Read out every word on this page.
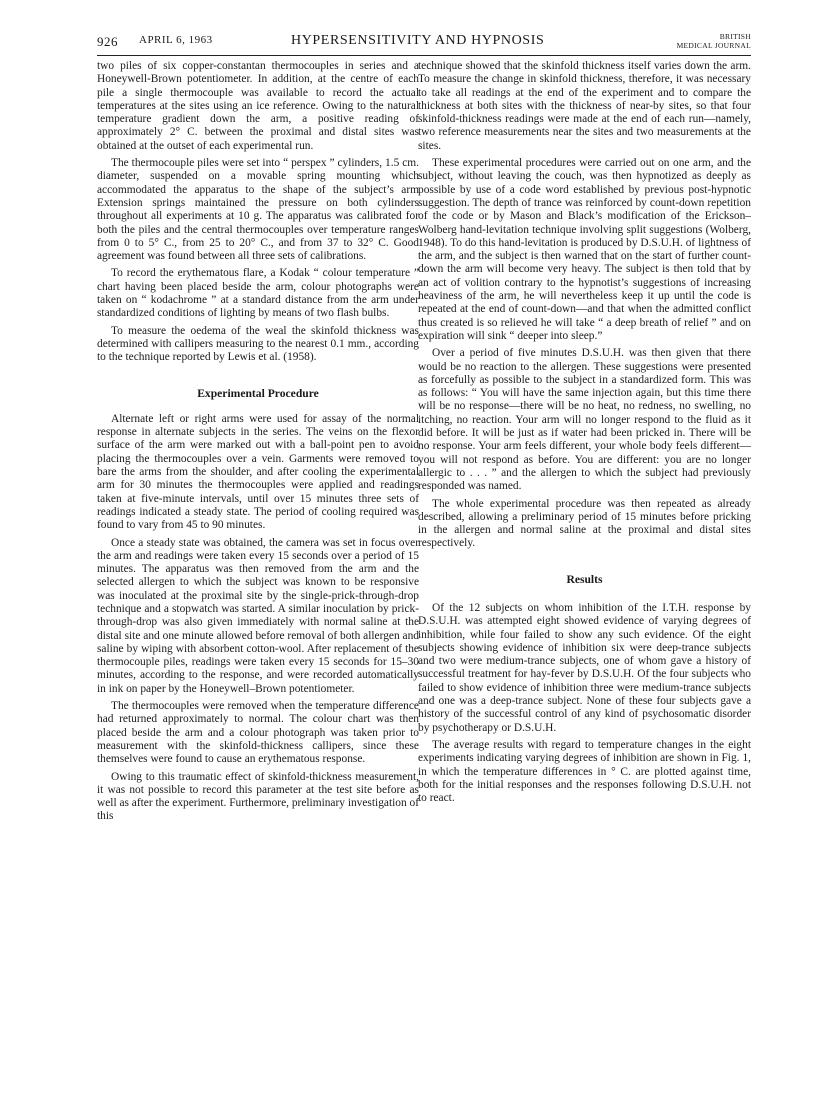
926 APRIL 6, 1963	HYPERSENSITIVITY AND HYPNOSIS	BRITISH
MEDICAL JOURNAL

two piles of six copper-constantan thermocouples in series and a Honeywell-Brown potentiometer. In addition, at the centre of each pile a single thermocouple was available to record the actual temperatures at the sites using an ice reference. Owing to the natural temperature gradient down the arm, a positive reading of approximately 2° C. between the proximal and distal sites was obtained at the outset of each experimental run.

The thermocouple piles were set into “ perspex ” cylinders, 1.5 cm. diameter, suspended on a movable spring mounting which accommodated the apparatus to the shape of the subject’s arm Extension springs maintained the pressure on both cylinders throughout all experiments at 10 g. The apparatus was calibrated for both the piles and the central thermocouples over temperature ranges from 0 to 5° C., from 25 to 20° C., and from 37 to 32° C. Good agreement was found between all three sets of calibrations.

To record the erythematous flare, a Kodak “ colour temperature ” chart having been placed beside the arm, colour photographs were taken on “ kodachrome ” at a standard distance from the arm under standardized conditions of lighting by means of two flash bulbs.

To measure the oedema of the weal the skinfold thickness was determined with callipers measuring to the nearest 0.1 mm., according to the technique reported by Lewis et al. (1958).

Experimental Procedure

Alternate left or right arms were used for assay of the normal response in alternate subjects in the series. The veins on the flexor surface of the arm were marked out with a ball-point pen to avoid placing the thermocouples over a vein. Garments were removed to bare the arms from the shoulder, and after cooling the experimental arm for 30 minutes the thermocouples were applied and readings taken at five-minute intervals, until over 15 minutes three sets of readings indicated a steady state. The period of cooling required was found to vary from 45 to 90 minutes.

Once a steady state was obtained, the camera was set in focus over the arm and readings were taken every 15 seconds over a period of 15 minutes. The apparatus was then removed from the arm and the selected allergen to which the subject was known to be responsive was inoculated at the proximal site by the single-prick-through-drop technique and a stopwatch was started. A similar inoculation by prick-through-drop was also given immediately with normal saline at the distal site and one minute allowed before removal of both allergen and saline by wiping with absorbent cotton-wool. After replacement of the thermocouple piles, readings were taken every 15 seconds for 15–30 minutes, according to the response, and were recorded automatically in ink on paper by the Honeywell–Brown potentiometer.

The thermocouples were removed when the temperature difference had returned approximately to normal. The colour chart was then placed beside the arm and a colour photograph was taken prior to measurement with the skinfold-thickness callipers, since these themselves were found to cause an erythematous response.

Owing to this traumatic effect of skinfold-thickness measurement, it was not possible to record this parameter at the test site before as well as after the experiment. Furthermore, preliminary investigation of this

technique showed that the skinfold thickness itself varies down the arm. To measure the change in skinfold thickness, therefore, it was necessary to take all readings at the end of the experiment and to compare the thickness at both sites with the thickness of near-by sites, so that four skinfold-thickness readings were made at the end of each run—namely, two reference measurements near the sites and two measurements at the sites.

These experimental procedures were carried out on one arm, and the subject, without leaving the couch, was then hypnotized as deeply as possible by use of a code word established by previous post-hypnotic suggestion. The depth of trance was reinforced by count-down repetition of the code or by Mason and Black’s modification of the Erickson–Wolberg hand-levitation technique involving split suggestions (Wolberg, 1948). To do this hand-levitation is produced by D.S.U.H. of lightness of the arm, and the subject is then warned that on the start of further count-down the arm will become very heavy. The subject is then told that by an act of volition contrary to the hypnotist’s suggestions of increasing heaviness of the arm, he will nevertheless keep it up until the code is repeated at the end of count-down—and that when the admitted conflict thus created is so relieved he will take “ a deep breath of relief ” and on expiration will sink “ deeper into sleep.”

Over a period of five minutes D.S.U.H. was then given that there would be no reaction to the allergen. These suggestions were presented as forcefully as possible to the subject in a standardized form. This was as follows: “ You will have the same injection again, but this time there will be no response—there will be no heat, no redness, no swelling, no itching, no reaction. Your arm will no longer respond to the fluid as it did before. It will be just as if water had been pricked in. There will be no response. Your arm feels different, your whole body feels different—you will not respond as before. You are different: you are no longer allergic to . . . ” and the allergen to which the subject had previously responded was named.

The whole experimental procedure was then repeated as already described, allowing a preliminary period of 15 minutes before pricking in the allergen and normal saline at the proximal and distal sites respectively.

Results

Of the 12 subjects on whom inhibition of the I.T.H. response by D.S.U.H. was attempted eight showed evidence of varying degrees of inhibition, while four failed to show any such evidence. Of the eight subjects showing evidence of inhibition six were deep-trance subjects and two were medium-trance subjects, one of whom gave a history of successful treatment for hay-fever by D.S.U.H. Of the four subjects who failed to show evidence of inhibition three were medium-trance subjects and one was a deep-trance subject. None of these four subjects gave a history of the successful control of any kind of psychosomatic disorder by psychotherapy or D.S.U.H.

The average results with regard to temperature changes in the eight experiments indicating varying degrees of inhibition are shown in Fig. 1, in which the temperature differences in ° C. are plotted against time, both for the initial responses and the responses following D.S.U.H. not to react.
